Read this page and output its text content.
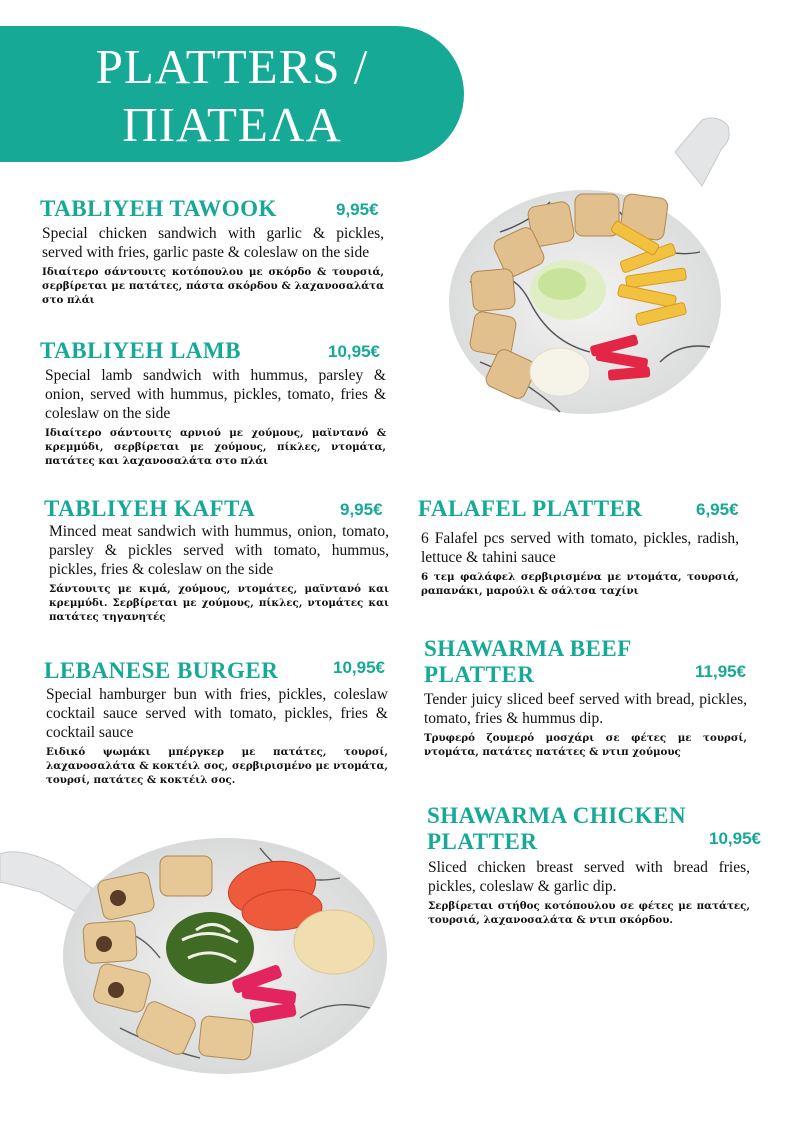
PLATTERS /
ΠΙΑΤΕΛΑ
TABLIYEH TAWOOK	9,95€
Special chicken sandwich with garlic & pickles, served with fries, garlic paste & coleslaw on the side
Ιδιαίτερο σάντουιτς κοτόπουλου με σκόρδο & τουρσιά, σερβίρεται με πατάτες, πάστα σκόρδου & λαχανοσαλάτα στο πλάι
TABLIYEH LAMB	10,95€
Special lamb sandwich with hummus, parsley & onion, served with hummus, pickles, tomato, fries & coleslaw on the side
Ιδιαίτερο σάντουιτς αρνιού με χούμους, μαϊντανό & κρεμμύδι, σερβίρεται με χούμους, πίκλες, ντομάτα, πατάτες και λαχανοσαλάτα στο πλάι
TABLIYEH KAFTA	9,95€
Minced meat sandwich with hummus, onion, tomato, parsley & pickles served with tomato, hummus, pickles, fries & coleslaw on the side
Σάντουιτς με κιμά, χούμους, ντομάτες, μαϊντανό και κρεμμύδι. Σερβίρεται με χούμους, πίκλες, ντομάτες και πατάτες τηγανητές
LEBANESE BURGER	10,95€
Special hamburger bun with fries, pickles, coleslaw cocktail sauce served with tomato, pickles, fries & cocktail sauce
Ειδικό ψωμάκι μπέργκερ με πατάτες, τουρσί, λαχανοσαλάτα & κοκτέιλ σος, σερβιρισμένο με ντομάτα, τουρσί, πατάτες & κοκτέιλ σος.
FALAFEL PLATTER	6,95€
6 Falafel pcs served with tomato, pickles, radish, lettuce & tahini sauce
6 τεμ φαλάφελ σερβιρισμένα με ντομάτα, τουρσιά, ραπανάκι, μαρούλι & σάλτσα ταχίνι
SHAWARMA BEEF PLATTER	11,95€
Tender juicy sliced beef served with bread, pickles, tomato, fries & hummus dip.
Τρυφερό ζουμερό μοσχάρι σε φέτες με τουρσί, ντομάτα, πατάτες πατάτες & ντιπ χούμους
SHAWARMA CHICKEN PLATTER	10,95€
Sliced chicken breast served with bread fries, pickles, coleslaw & garlic dip.
Σερβίρεται στήθος κοτόπουλου σε φέτες με πατάτες, τουρσιά, λαχανοσαλάτα & ντιπ σκόρδου.
